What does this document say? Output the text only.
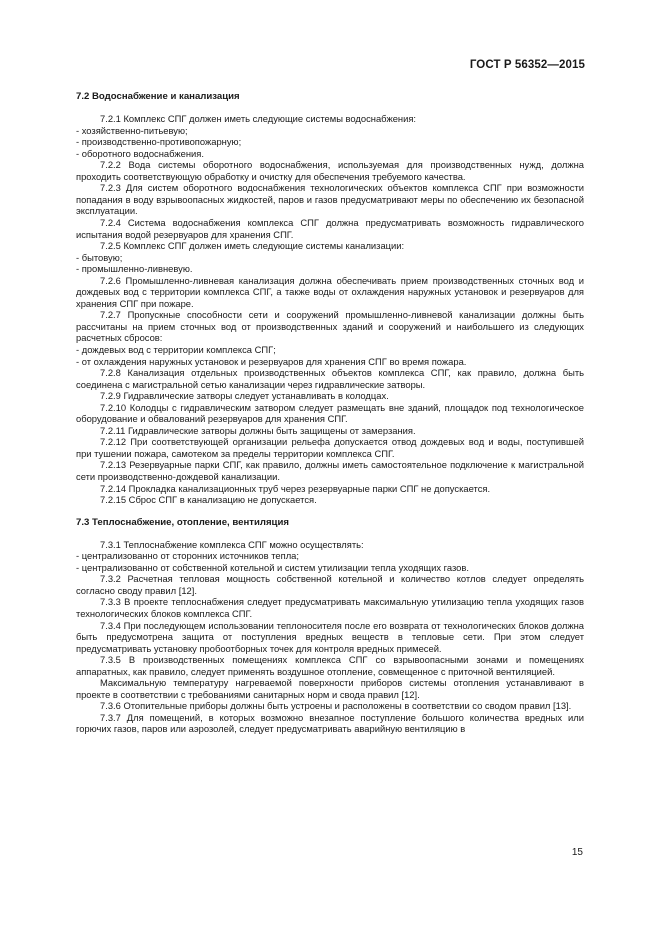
ГОСТ Р 56352—2015
7.2 Водоснабжение и канализация
7.2.1 Комплекс СПГ должен иметь следующие системы водоснабжения:
- хозяйственно-питьевую;
- производственно-противопожарную;
- оборотного водоснабжения.
7.2.2 Вода системы оборотного водоснабжения, используемая для производственных нужд, должна проходить соответствующую обработку и очистку для обеспечения требуемого качества.
7.2.3 Для систем оборотного водоснабжения технологических объектов комплекса СПГ при возможности попадания в воду взрывоопасных жидкостей, паров и газов предусматривают меры по обеспечению их безопасной эксплуатации.
7.2.4 Система водоснабжения комплекса СПГ должна предусматривать возможность гидравлического испытания водой резервуаров для хранения СПГ.
7.2.5 Комплекс СПГ должен иметь следующие системы канализации:
- бытовую;
- промышленно-ливневую.
7.2.6 Промышленно-ливневая канализация должна обеспечивать прием производственных сточных вод и дождевых вод с территории комплекса СПГ, а также воды от охлаждения наружных установок и резервуаров для хранения СПГ при пожаре.
7.2.7 Пропускные способности сети и сооружений промышленно-ливневой канализации должны быть рассчитаны на прием сточных вод от производственных зданий и сооружений и наибольшего из следующих расчетных сбросов:
- дождевых вод с территории комплекса СПГ;
- от охлаждения наружных установок и резервуаров для хранения СПГ во время пожара.
7.2.8 Канализация отдельных производственных объектов комплекса СПГ, как правило, должна быть соединена с магистральной сетью канализации через гидравлические затворы.
7.2.9 Гидравлические затворы следует устанавливать в колодцах.
7.2.10 Колодцы с гидравлическим затвором следует размещать вне зданий, площадок под технологическое оборудование и обвалований резервуаров для хранения СПГ.
7.2.11 Гидравлические затворы должны быть защищены от замерзания.
7.2.12 При соответствующей организации рельефа допускается отвод дождевых вод и воды, поступившей при тушении пожара, самотеком за пределы территории комплекса СПГ.
7.2.13 Резервуарные парки СПГ, как правило, должны иметь самостоятельное подключение к магистральной сети производственно-дождевой канализации.
7.2.14 Прокладка канализационных труб через резервуарные парки СПГ не допускается.
7.2.15 Сброс СПГ в канализацию не допускается.
7.3 Теплоснабжение, отопление, вентиляция
7.3.1 Теплоснабжение комплекса СПГ можно осуществлять:
- централизованно от сторонних источников тепла;
- централизованно от собственной котельной и систем утилизации тепла уходящих газов.
7.3.2 Расчетная тепловая мощность собственной котельной и количество котлов следует определять согласно своду правил [12].
7.3.3 В проекте теплоснабжения следует предусматривать максимальную утилизацию тепла уходящих газов технологических блоков комплекса СПГ.
7.3.4 При последующем использовании теплоносителя после его возврата от технологических блоков должна быть предусмотрена защита от поступления вредных веществ в тепловые сети. При этом следует предусматривать установку пробоотборных точек для контроля вредных примесей.
7.3.5 В производственных помещениях комплекса СПГ со взрывоопасными зонами и помещениях аппаратных, как правило, следует применять воздушное отопление, совмещенное с приточной вентиляцией.
Максимальную температуру нагреваемой поверхности приборов системы отопления устанавливают в проекте в соответствии с требованиями санитарных норм и свода правил [12].
7.3.6 Отопительные приборы должны быть устроены и расположены в соответствии со сводом правил [13].
7.3.7 Для помещений, в которых возможно внезапное поступление большого количества вредных или горючих газов, паров или аэрозолей, следует предусматривать аварийную вентиляцию в
15
